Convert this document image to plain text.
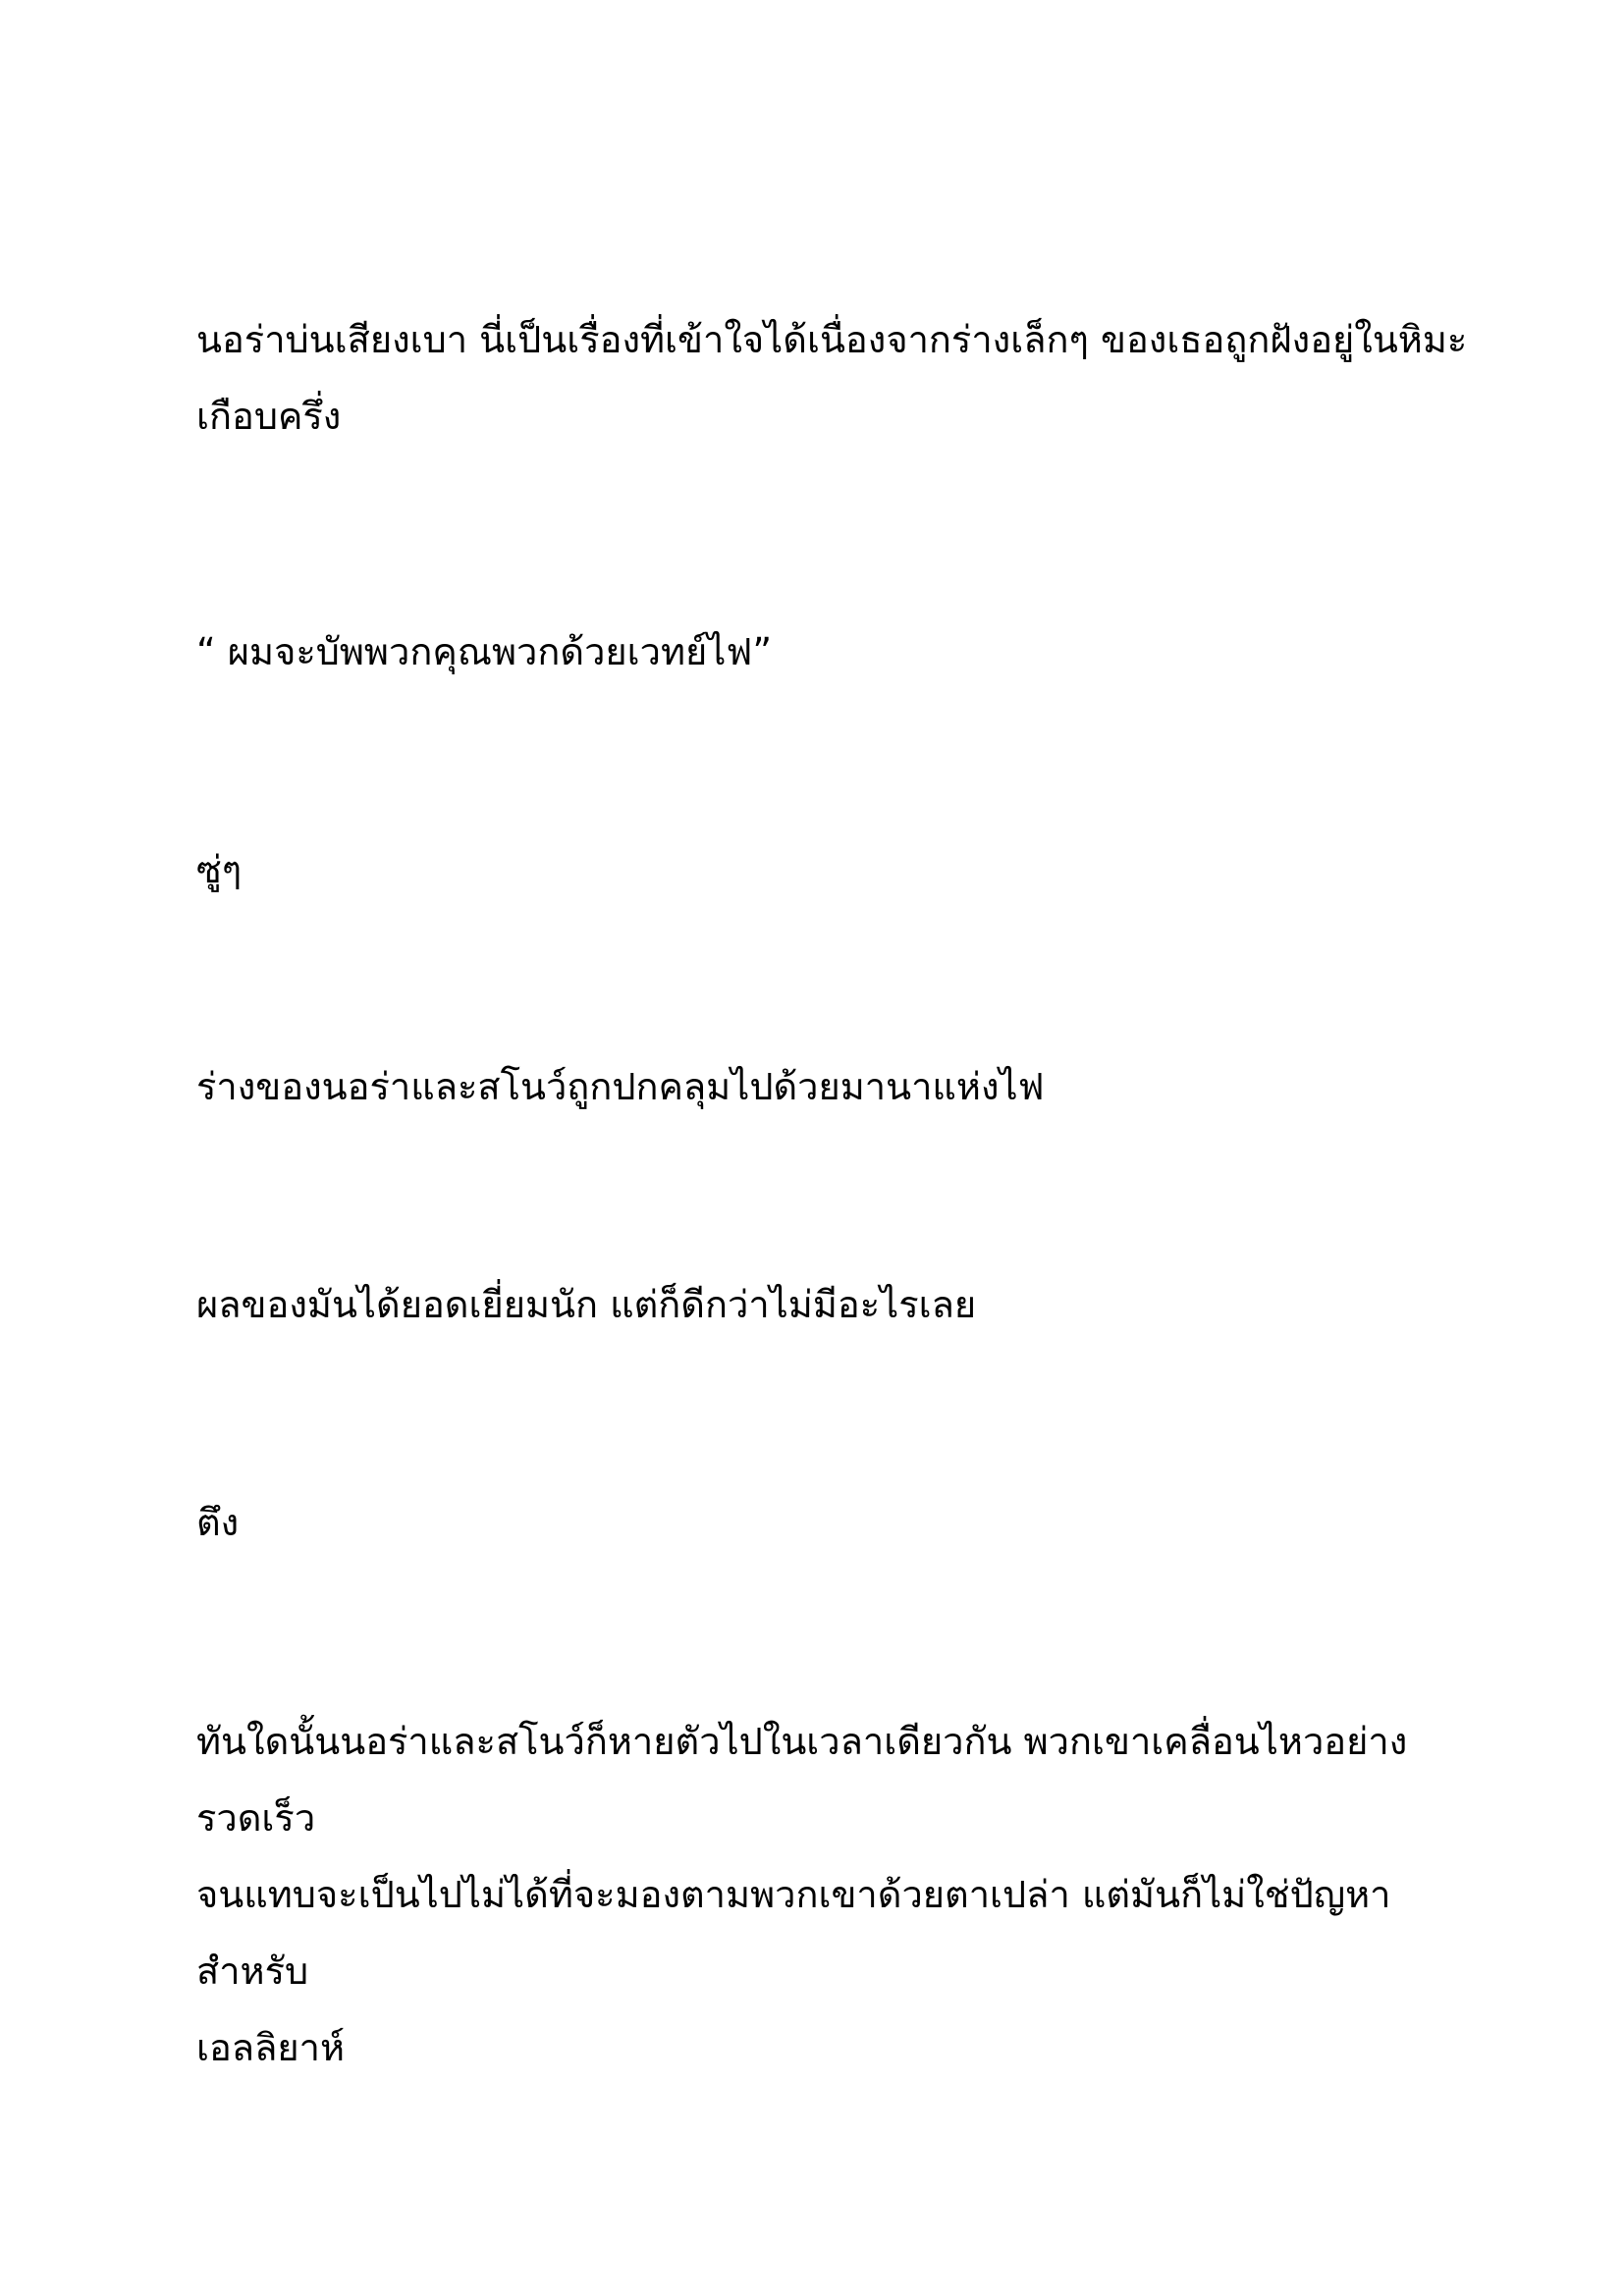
นอร่าบ่นเสียงเบา นี่เป็นเรื่องที่เข้าใจได้เนื่องจากร่างเล็กๆ ของเธอถูกฝังอยู่ในหิมะ
เกือบครึ่ง

“ ผมจะบัพพวกคุณพวกด้วยเวทย์ไฟ”

ซู่ๆ

ร่างของนอร่าและสโนว์ถูกปกคลุมไปด้วยมานาแห่งไฟ

ผลของมันได้ยอดเยี่ยมนัก แต่ก็ดีกว่าไม่มีอะไรเลย

ตึง

ทันใดนั้นนอร่าและสโนว์ก็หายตัวไปในเวลาเดียวกัน พวกเขาเคลื่อนไหวอย่างรวดเร็ว
จนแทบจะเป็นไปไม่ได้ที่จะมองตามพวกเขาด้วยตาเปล่า แต่มันก็ไม่ใช่ปัญหาสำหรับ
เอลลิยาห์
